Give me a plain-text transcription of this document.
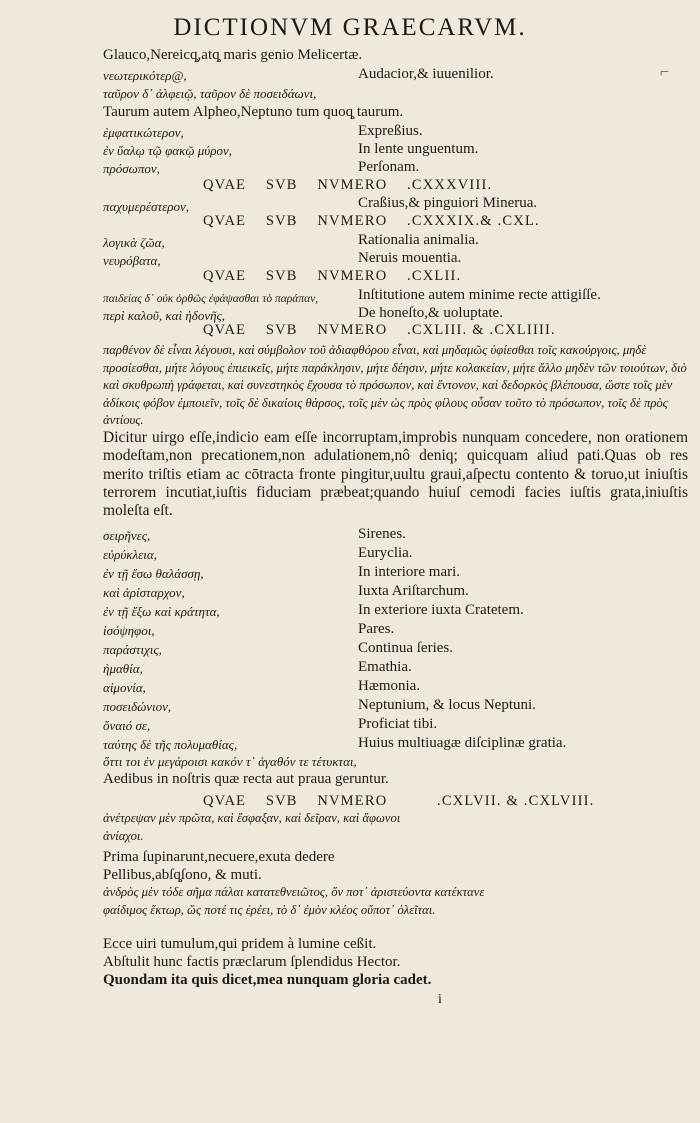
DICTIONVM GRAECARVM.
Glauco,Nereicq̧,atq̧ maris genio Melicertæ.
νεωτερικότερ@,	Audacior,& iuuenilior.	⌐
ταῦρον δ᾽ ἀλφειῷ, ταῦρον δὲ ποσειδάωνι,
Taurum autem Alpheo,Neptuno tum quoq̧ taurum.
ἐμφατικώτερον,	Expreßius.
ἐν ὕαλῳ τῷ φακῷ μύρον,	In lente unguentum.
πρόσωπον,	Perſonam.
QVAE SVB NVMERO .CXXXVIII.
παχυμερέστερον,	Craßius,& pinguiori Minerua.
QVAE SVB NVMERO .CXXXIX.& .CXL.
λογικὰ ζῶα,	Rationalia animalia.
νευρόβατα,	Neruis mouentia.
QVAE SVB NVMERO .CXLII.
παιδείας δ᾽ οὐκ ὀρθῶς ἐφάψασθαι τὸ παράπαν,	Inſtitutione autem minime recte attigiſſe.
περὶ καλοῦ, καὶ ἡδονῆς,	De honeſto,& uoluptate.
QVAE SVB NVMERO .CXLIII. & .CXLIIII.
παρθένον δὲ εἶναι λέγουσι, καὶ σύμβολον τοῦ ἀδιαφθόρου εἶναι, καὶ μηδαμῶς ὑφίεσθαι τοῖς κακούργοις, μηδὲ προσίεσθαι, μήτε λόγους ἐπιεικεῖς, μήτε παράκλησιν, μήτε δέησιν, μήτε κολακείαν, μήτε ἄλλο μηδὲν τῶν τοιούτων, διὸ καὶ σκυθρωπὴ γράφεται, καὶ συνεστηκὸς ἔχουσα τὸ πρόσωπον, καὶ ἔντονον, καὶ δεδορκὸς βλέπουσα, ὥστε τοῖς μὲν ἀδίκοις φόβον ἐμποιεῖν, τοῖς δὲ δικαίοις θάρσος, τοῖς μὲν ὡς πρὸς φίλους οὖσαν τοῦτο τὸ πρόσωπον, τοῖς δὲ πρὸς ἀντίους.
Dicitur uirgo eſſe,indicio eam eſſe incorruptam,improbis nunquam concedere, non orationem modeſtam,non precationem,non adulationem,nô deniq; quicquam aliud pati.Quas ob res merito triſtis etiam ac cōtracta fronte pingitur,uultu graui,aſpectu contento & toruo,ut iniuſtis terrorem incutiat,iuſtis fiduciam præbeat;quando huiuſ cemodi facies iuſtis grata,iniuſtis moleſta eſt.
σειρῆνες,	Sirenes.
εὐρύκλεια,	Eurycliа.
ἐν τῇ ἔσω θαλάσσῃ,	In interiore mari.
καὶ ἀρίσταρχον,	Iuxta Ariſtarchum.
ἐν τῇ ἔξω καὶ κράτητα,	In exteriore iuxta Cratetem.
ἰσόψηφοι,	Pares.
παράστιχις,	Continua ſeries.
ἠμαθία,	Emathia.
αἱμονία,	Hæmonia.
ποσειδώνιον,	Neptunium, & locus Neptuni.
ὄναιό σε,	Proficiat tibi.
ταύτης δὲ τῆς πολυμαθίας,	Huius multiuagæ diſciplinæ gratia.
ὅττι τοι ἐν μεγάροισι κακόν τ᾽ ἀγαθόν τε τέτυκται,
Aedibus in noſtris quæ recta aut praua geruntur.
QVAE SVB NVMERO	.CXLVII. & .CXLVIII.
ἀνέτρεψαν μὲν πρῶτα, καὶ ἔσφαξαν, καὶ δεῖραν, καὶ ἄφωνοι ἀνίαχοι.
Prima ſupinarunt,necuere,exuta dedere
Pellibus,abſq̧ſono, & muti.
ἀνδρὸς μὲν τόδε σῆμα πάλαι κατατεθνειῶτος, ὅν ποτ᾽ ἀριστεύοντα κατέκτανε φαίδιμος ἕκτωρ, ὥς ποτέ τις ἐρέει, τὸ δ᾽ ἐμὸν κλέος οὔποτ᾽ ὀλεῖται.
Ecce uiri tumulum,qui pridem à lumine ceßit.
Abſtulit hunc factis præclarum ſplendidus Hector.
Quondam ita quis dicet,mea nunquam gloria cadet.
i
